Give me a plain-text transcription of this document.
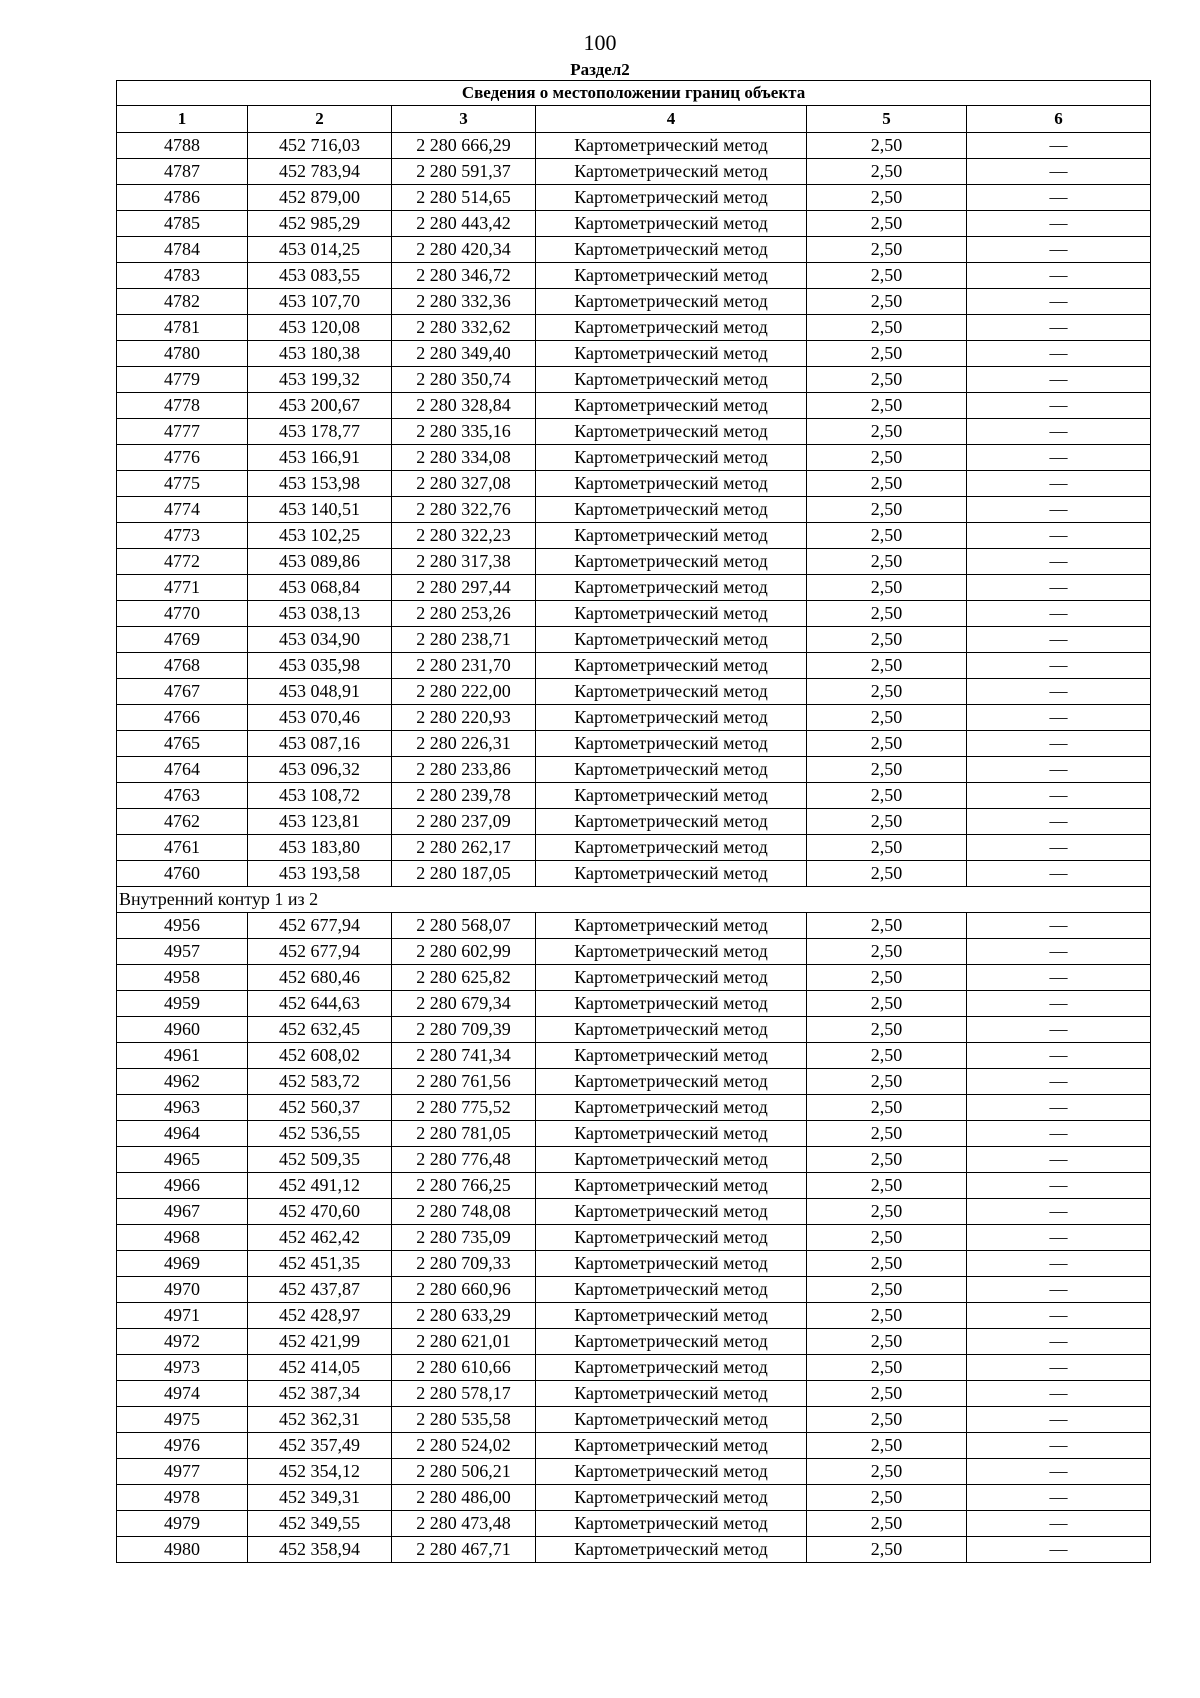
100
Раздел2
Сведения о местоположении границ объекта					
1	2	3	4	5	6
4788	452 716,03	2 280 666,29	Картометрический метод	2,50	—
4787	452 783,94	2 280 591,37	Картометрический метод	2,50	—
4786	452 879,00	2 280 514,65	Картометрический метод	2,50	—
4785	452 985,29	2 280 443,42	Картометрический метод	2,50	—
4784	453 014,25	2 280 420,34	Картометрический метод	2,50	—
4783	453 083,55	2 280 346,72	Картометрический метод	2,50	—
4782	453 107,70	2 280 332,36	Картометрический метод	2,50	—
4781	453 120,08	2 280 332,62	Картометрический метод	2,50	—
4780	453 180,38	2 280 349,40	Картометрический метод	2,50	—
4779	453 199,32	2 280 350,74	Картометрический метод	2,50	—
4778	453 200,67	2 280 328,84	Картометрический метод	2,50	—
4777	453 178,77	2 280 335,16	Картометрический метод	2,50	—
4776	453 166,91	2 280 334,08	Картометрический метод	2,50	—
4775	453 153,98	2 280 327,08	Картометрический метод	2,50	—
4774	453 140,51	2 280 322,76	Картометрический метод	2,50	—
4773	453 102,25	2 280 322,23	Картометрический метод	2,50	—
4772	453 089,86	2 280 317,38	Картометрический метод	2,50	—
4771	453 068,84	2 280 297,44	Картометрический метод	2,50	—
4770	453 038,13	2 280 253,26	Картометрический метод	2,50	—
4769	453 034,90	2 280 238,71	Картометрический метод	2,50	—
4768	453 035,98	2 280 231,70	Картометрический метод	2,50	—
4767	453 048,91	2 280 222,00	Картометрический метод	2,50	—
4766	453 070,46	2 280 220,93	Картометрический метод	2,50	—
4765	453 087,16	2 280 226,31	Картометрический метод	2,50	—
4764	453 096,32	2 280 233,86	Картометрический метод	2,50	—
4763	453 108,72	2 280 239,78	Картометрический метод	2,50	—
4762	453 123,81	2 280 237,09	Картометрический метод	2,50	—
4761	453 183,80	2 280 262,17	Картометрический метод	2,50	—
4760	453 193,58	2 280 187,05	Картометрический метод	2,50	—
Внутренний контур 1 из 2					
4956	452 677,94	2 280 568,07	Картометрический метод	2,50	—
4957	452 677,94	2 280 602,99	Картометрический метод	2,50	—
4958	452 680,46	2 280 625,82	Картометрический метод	2,50	—
4959	452 644,63	2 280 679,34	Картометрический метод	2,50	—
4960	452 632,45	2 280 709,39	Картометрический метод	2,50	—
4961	452 608,02	2 280 741,34	Картометрический метод	2,50	—
4962	452 583,72	2 280 761,56	Картометрический метод	2,50	—
4963	452 560,37	2 280 775,52	Картометрический метод	2,50	—
4964	452 536,55	2 280 781,05	Картометрический метод	2,50	—
4965	452 509,35	2 280 776,48	Картометрический метод	2,50	—
4966	452 491,12	2 280 766,25	Картометрический метод	2,50	—
4967	452 470,60	2 280 748,08	Картометрический метод	2,50	—
4968	452 462,42	2 280 735,09	Картометрический метод	2,50	—
4969	452 451,35	2 280 709,33	Картометрический метод	2,50	—
4970	452 437,87	2 280 660,96	Картометрический метод	2,50	—
4971	452 428,97	2 280 633,29	Картометрический метод	2,50	—
4972	452 421,99	2 280 621,01	Картометрический метод	2,50	—
4973	452 414,05	2 280 610,66	Картометрический метод	2,50	—
4974	452 387,34	2 280 578,17	Картометрический метод	2,50	—
4975	452 362,31	2 280 535,58	Картометрический метод	2,50	—
4976	452 357,49	2 280 524,02	Картометрический метод	2,50	—
4977	452 354,12	2 280 506,21	Картометрический метод	2,50	—
4978	452 349,31	2 280 486,00	Картометрический метод	2,50	—
4979	452 349,55	2 280 473,48	Картометрический метод	2,50	—
4980	452 358,94	2 280 467,71	Картометрический метод	2,50	—
